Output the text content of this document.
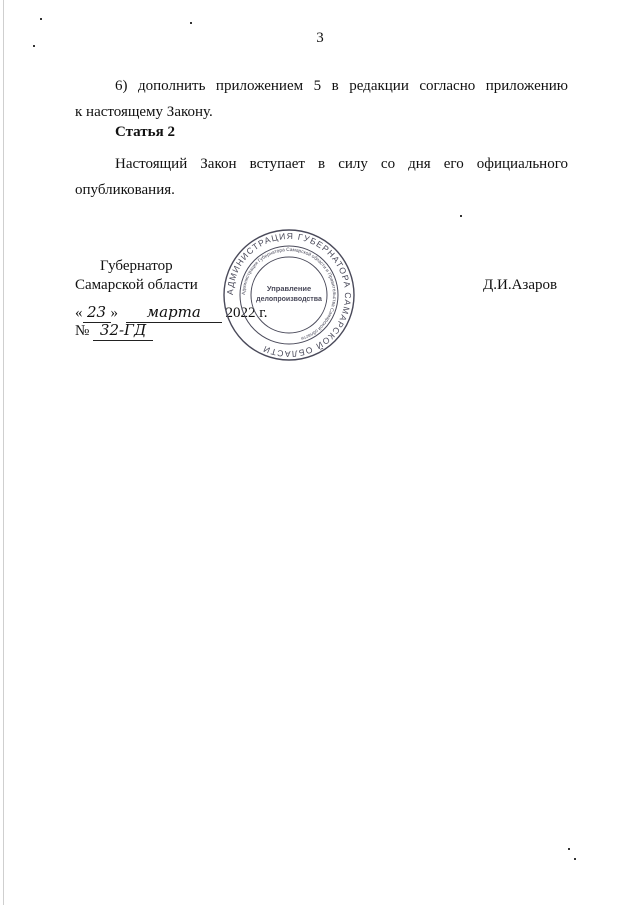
3
6) дополнить приложением 5 в редакции согласно приложению
к настоящему Закону.
Статья 2
Настоящий Закон вступает в силу со дня его официального
опубликования.
Губернатор
Самарской области	Д.И.Азаров
« 23 » марта 2022 г.
№ 32-ГД
АДМИНИСТРАЦИЯ ГУБЕРНАТОРА САМАРСКОЙ ОБЛАСТИ
Администрация Губернатора Самарской области и Правительства Самарской области
Управление
делопроизводства
